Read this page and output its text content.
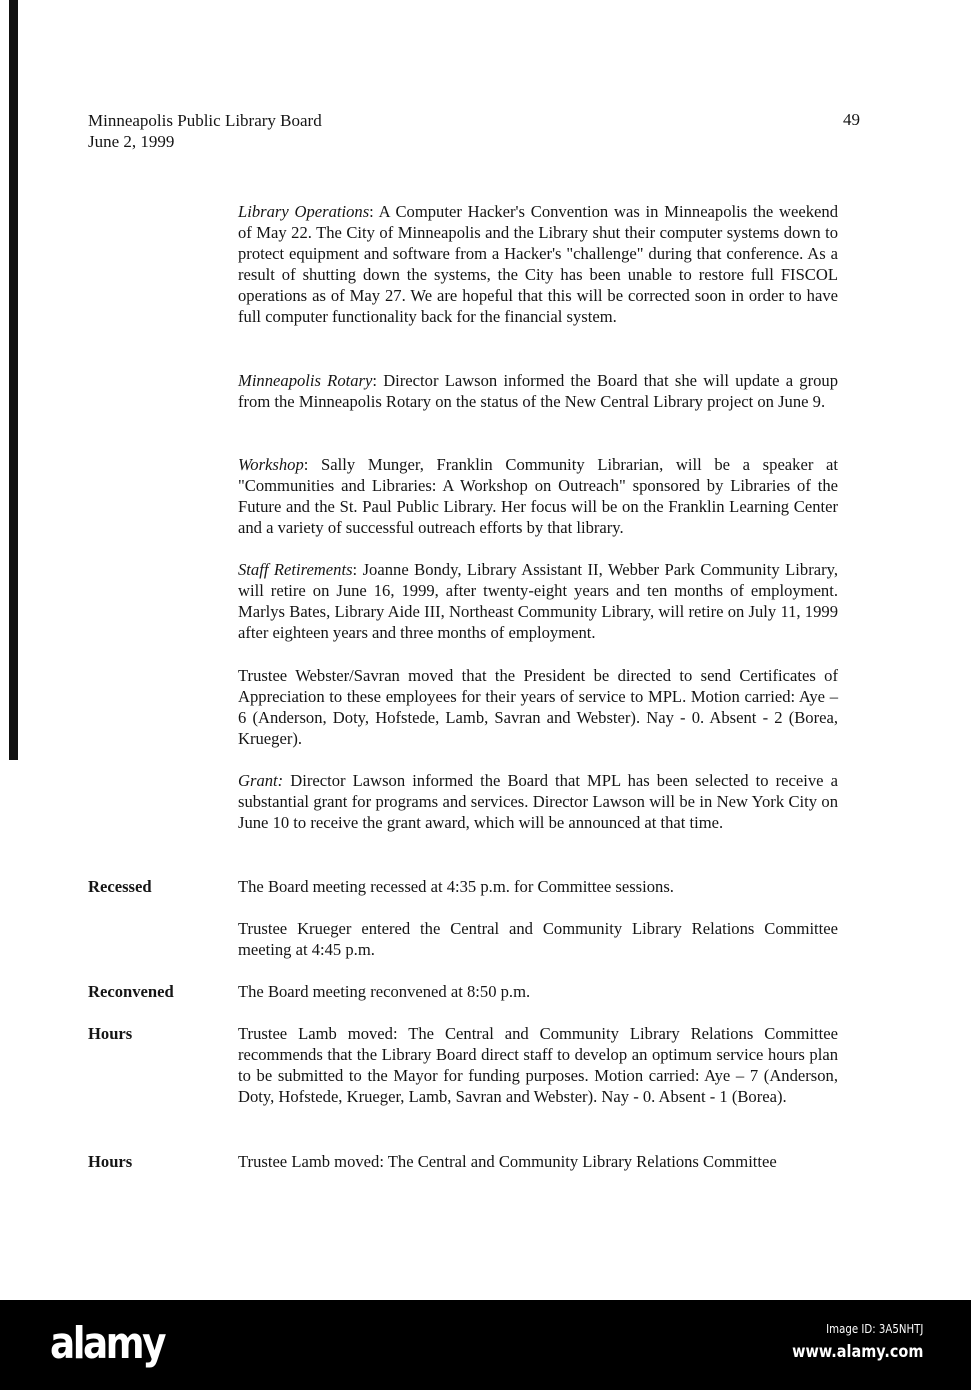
Minneapolis Public Library Board
June 2, 1999
49
Library Operations: A Computer Hacker's Convention was in Minneapolis the weekend of May 22. The City of Minneapolis and the Library shut their computer systems down to protect equipment and software from a Hacker's "challenge" during that conference. As a result of shutting down the systems, the City has been unable to restore full FISCOL operations as of May 27. We are hopeful that this will be corrected soon in order to have full computer functionality back for the financial system.
Minneapolis Rotary: Director Lawson informed the Board that she will update a group from the Minneapolis Rotary on the status of the New Central Library project on June 9.
Workshop: Sally Munger, Franklin Community Librarian, will be a speaker at "Communities and Libraries: A Workshop on Outreach" sponsored by Libraries of the Future and the St. Paul Public Library. Her focus will be on the Franklin Learning Center and a variety of successful outreach efforts by that library.
Staff Retirements: Joanne Bondy, Library Assistant II, Webber Park Community Library, will retire on June 16, 1999, after twenty-eight years and ten months of employment. Marlys Bates, Library Aide III, Northeast Community Library, will retire on July 11, 1999 after eighteen years and three months of employment.
Trustee Webster/Savran moved that the President be directed to send Certificates of Appreciation to these employees for their years of service to MPL. Motion carried: Aye – 6 (Anderson, Doty, Hofstede, Lamb, Savran and Webster). Nay - 0. Absent - 2 (Borea, Krueger).
Grant: Director Lawson informed the Board that MPL has been selected to receive a substantial grant for programs and services. Director Lawson will be in New York City on June 10 to receive the grant award, which will be announced at that time.
Recessed	The Board meeting recessed at 4:35 p.m. for Committee sessions.
Trustee Krueger entered the Central and Community Library Relations Committee meeting at 4:45 p.m.
Reconvened	The Board meeting reconvened at 8:50 p.m.
Hours	Trustee Lamb moved: The Central and Community Library Relations Committee recommends that the Library Board direct staff to develop an optimum service hours plan to be submitted to the Mayor for funding purposes. Motion carried: Aye – 7 (Anderson, Doty, Hofstede, Krueger, Lamb, Savran and Webster). Nay - 0. Absent - 1 (Borea).
Hours	Trustee Lamb moved: The Central and Community Library Relations Committee
alamy	Image ID: 3A5NHTJ
www.alamy.com
